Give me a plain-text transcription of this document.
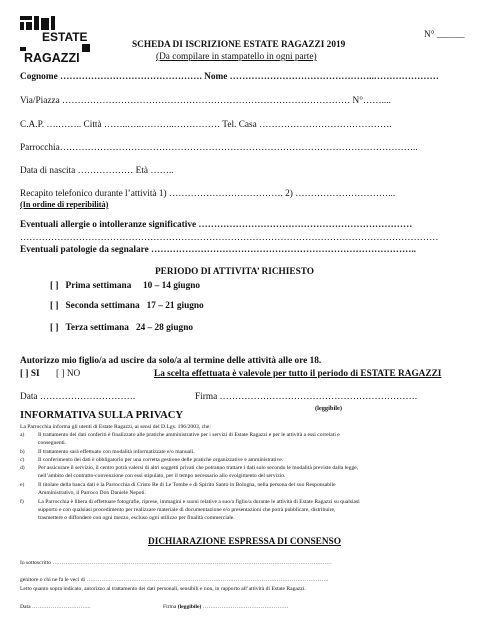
ESTATE
RAGAZZI
N° ______
SCHEDA DI ISCRIZIONE ESTATE RAGAZZI 2019
(Da compilare in stampatello in ogni parte)
Cognome ………………………………………. Nome ………………………………………..…………………
Via/Piazza ………………………………………………………………………………… N°……....
C.A.P. ….…….. Città ……..…..………..…………… Tel. Casa …………………………………….
Parrocchia……………………………………………………………………………………………………..
Data di nascita ……………… Età ……..
Recapito telefonico durante l’attività 1) ………………………………. 2) …………………………...
(In ordine di reperibilità)
Eventuali allergie o intolleranze significative ……………………………………………………………
………………………………………………………………………………………………………………………
Eventuali patologie da segnalare …………………………………………………………………………..
PERIODO DI ATTIVITA’ RICHIESTO
[ ] Prima settimana 10 – 14 giugno
[ ] Seconda settimana 17 – 21 giugno
[ ] Terza settimana 24 – 28 giugno
Autorizzo mio figlio/a ad uscire da solo/a al termine delle attività alle ore 18.
[ ] SI [ ] NO	La scelta effettuata è valevole per tutto il periodo di ESTATE RAGAZZI
Data ………………………….	Firma ……………………………………………………….
(leggibile)
INFORMATIVA SULLA PRIVACY
La Parrocchia informa gli utenti di Estate Ragazzi, ai sensi del D.Lgs. 196/2003, che:
a) Il trattamento dei dati conferiti è finalizzato alle pratiche amministrative per i servizi di Estate Ragazzi e per le attività a essi correlati e
conseguenti.
b) Il trattamento sarà effettuato con modalità informatizzate e/o manuali.
c) Il conferimento dei dati è obbligatorio per una corretta gestione delle pratiche organizzative e amministrative.
d) Per assicurare il servizio, il centro potrà valersi di altri soggetti privati che potranno trattare i dati solo secondo le modalità previste dalla legge,
nell’ambito del contratto-convenzione con essi stipulato, per il tempo necessario allo svolgimento del servizio.
e) Il titolare della banca dati è la Parrocchia di Cristo Re di Le Tombe e di Spirito Santo in Bologna, nella persona del suo Responsabile
Amministrativo, il Parroco Don Daniele Nepoti.
f)	La Parrocchia è libera di effettuare fotografie, riprese, immagini e suoni relative a suo/a figlio/a durante le attività di Estate Ragazzi su qualsiasi
supporto e con qualsiasi procedimento per realizzare materiale di documentazione e/o presentazioni che potrà pubblicare, distribuire,
trasmettere o diffondere con ogni mezzo, escluso ogni utilizzo per finalità commerciale.
DICHIARAZIONE ESPRESSA DI CONSENSO
Io sottoscritto ……………………………………………………………………………………………………………………………………
genitore o chi ne fa le veci di ………………………………………………………………………………………………………………….
Letto quanto sopra indicato, autorizzo al trattamento dei dati personali, sensibili e non, in rapporto all’attività di Estate Ragazzi.
Data …………………………..	Firma (leggibile) ……………………………………….
